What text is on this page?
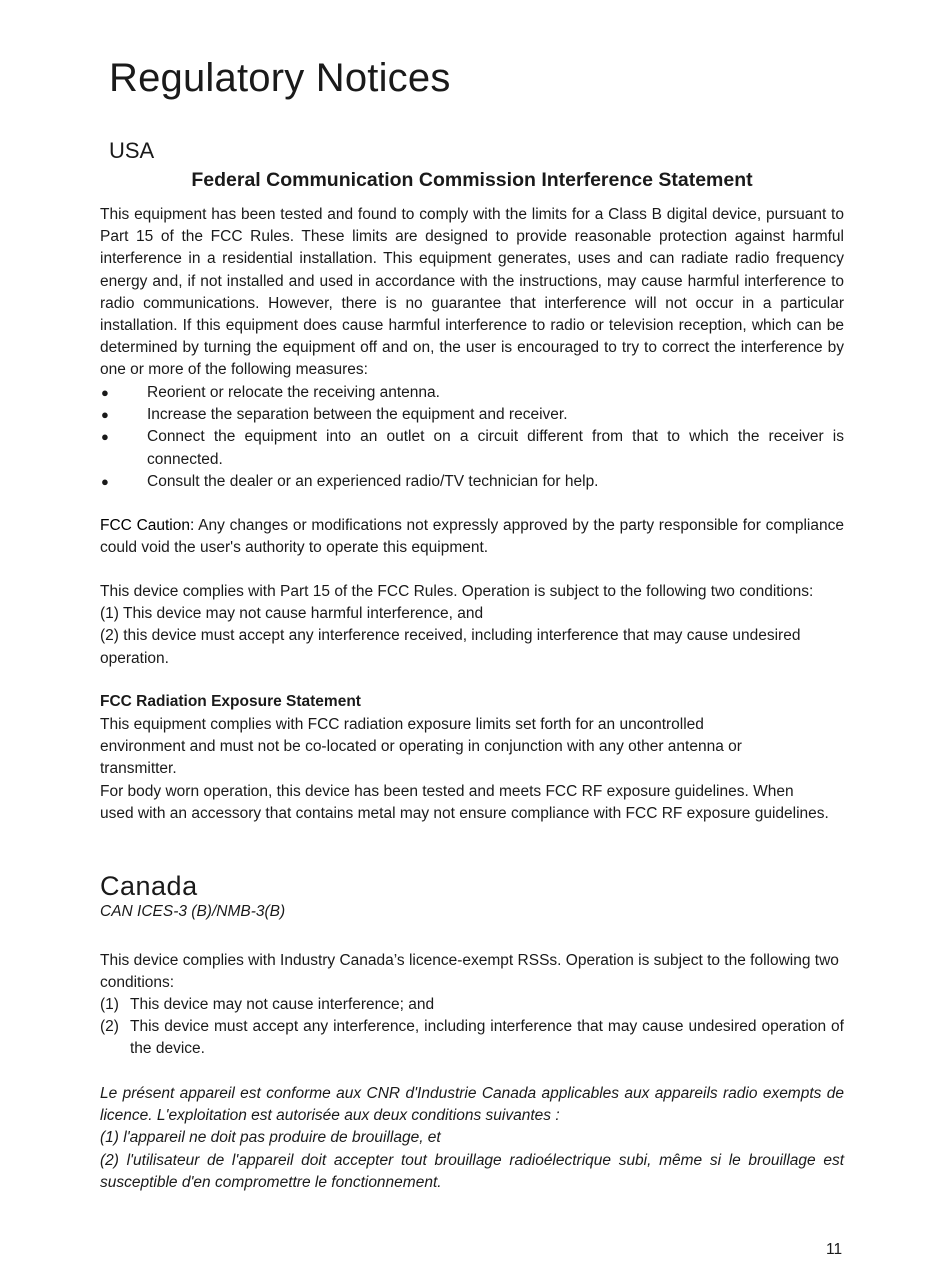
Regulatory Notices
USA
Federal Communication Commission Interference Statement

This equipment has been tested and found to comply with the limits for a Class B digital device, pursuant to Part 15 of the FCC Rules. These limits are designed to provide reasonable protection against harmful interference in a residential installation. This equipment generates, uses and can radiate radio frequency energy and, if not installed and used in accordance with the instructions, may cause harmful interference to radio communications. However, there is no guarantee that interference will not occur in a particular installation. If this equipment does cause harmful interference to radio or television reception, which can be determined by turning the equipment off and on, the user is encouraged to try to correct the interference by one or more of the following measures:

● Reorient or relocate the receiving antenna.
● Increase the separation between the equipment and receiver.
● Connect the equipment into an outlet on a circuit different from that to which the receiver is connected.
● Consult the dealer or an experienced radio/TV technician for help.

FCC Caution: Any changes or modifications not expressly approved by the party responsible for compliance could void the user's authority to operate this equipment.

This device complies with Part 15 of the FCC Rules. Operation is subject to the following two conditions:

(1) This device may not cause harmful interference, and

(2) this device must accept any interference received, including interference that may cause undesired operation.

FCC Radiation Exposure Statement

This equipment complies with FCC radiation exposure limits set forth for an uncontrolled environment and must not be co-located or operating in conjunction with any other antenna or transmitter.

For body worn operation, this device has been tested and meets FCC RF exposure guidelines. When used with an accessory that contains metal may not ensure compliance with FCC RF exposure guidelines.

Canada

CAN ICES-3 (B)/NMB-3(B)

This device complies with Industry Canada’s licence-exempt RSSs. Operation is subject to the following two conditions:

(1) This device may not cause interference; and
(2) This device must accept any interference, including interference that may cause undesired operation of the device.

Le présent appareil est conforme aux CNR d'Industrie Canada applicables aux appareils radio exempts de licence. L'exploitation est autorisée aux deux conditions suivantes :

(1) l'appareil ne doit pas produire de brouillage, et

(2) l'utilisateur de l'appareil doit accepter tout brouillage radioélectrique subi, même si le brouillage est susceptible d'en compromettre le fonctionnement.

11
